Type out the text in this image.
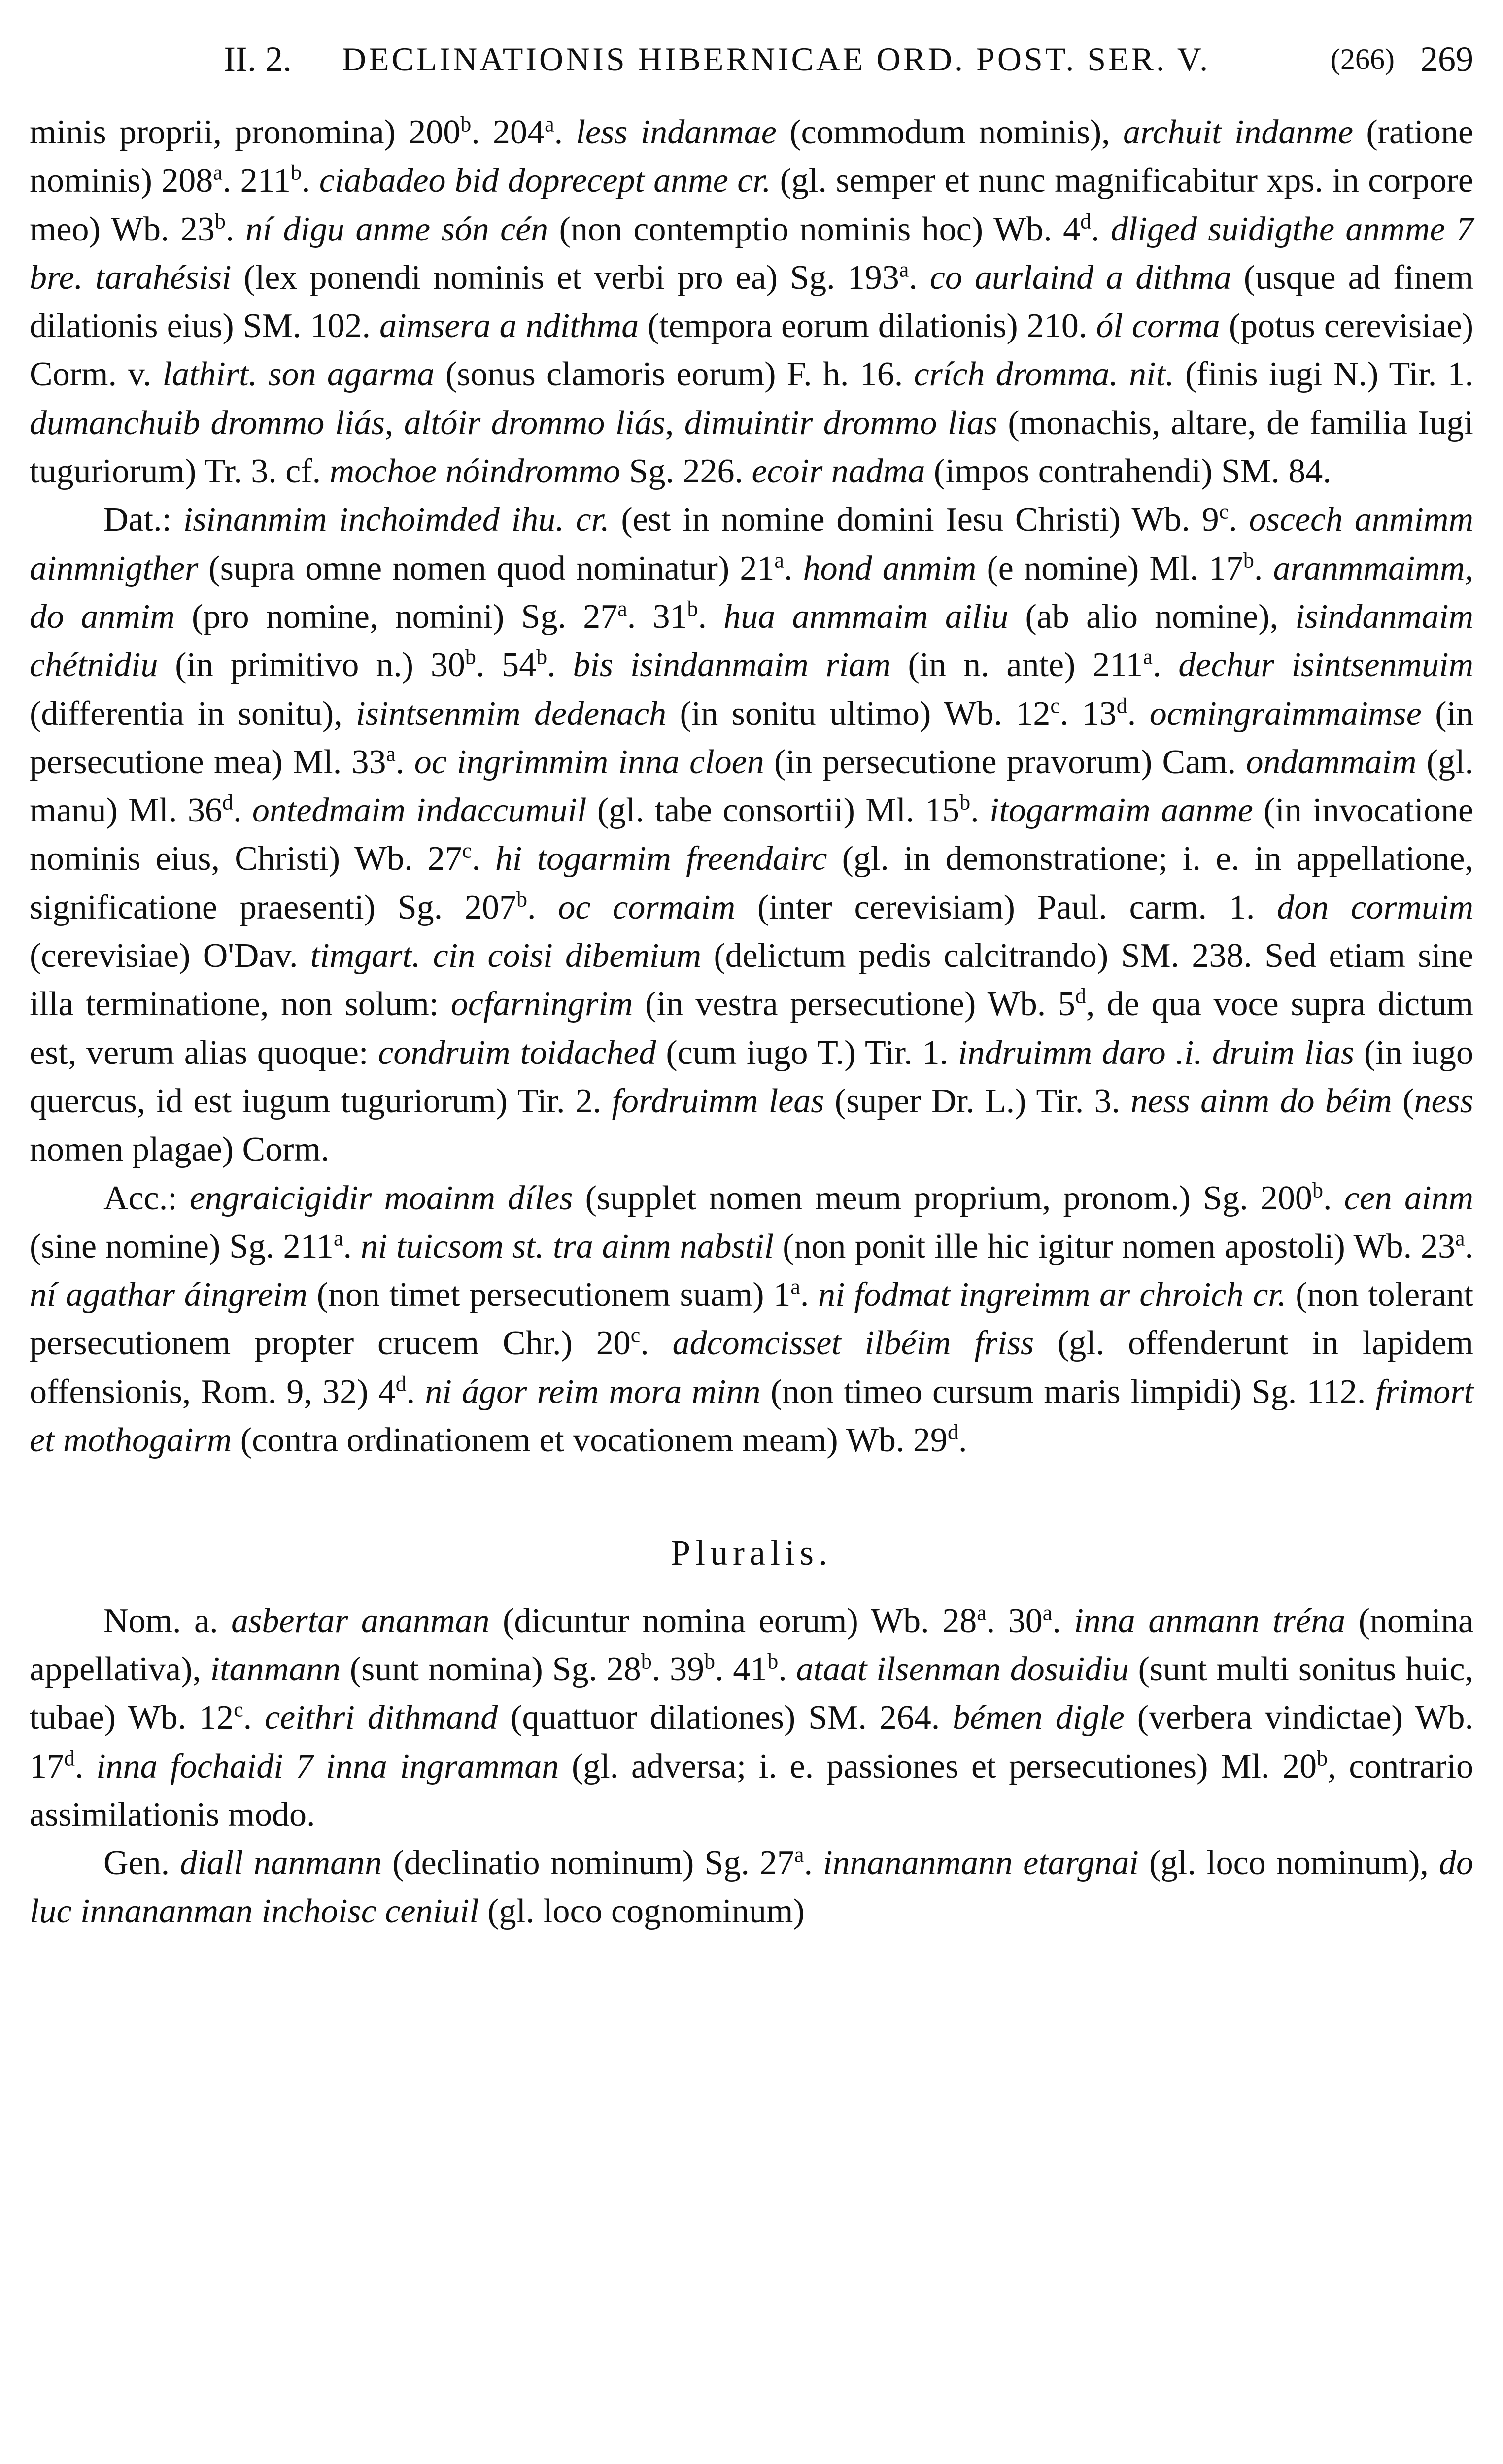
II. 2. DECLINATIONIS HIBERNICAE ORD. POST. SER. V.	(266) 269

minis proprii, pronomina) 200$^b$. 204$^a$. less indanmae (commodum nominis), archuit indanme (ratione nominis) 208$^a$. 211$^b$. ciabadeo bid doprecept anme cr. (gl. semper et nunc magnificabitur xps. in corpore meo) Wb. 23$^b$. ní digu anme són cén (non contemptio nominis hoc) Wb. 4$^d$. dliged suidigthe anmme 7 bre. tarahésisi (lex ponendi nominis et verbi pro ea) Sg. 193$^a$. co aurlaind a dithma (usque ad finem dilationis eius) SM. 102. aimsera a ndithma (tempora eorum dilationis) 210. ól corma (potus cerevisiae) Corm. v. lathirt. son agarma (sonus clamoris eorum) F. h. 16. crích dromma. nit. (finis iugi N.) Tir. 1. dumanchuib drommo liás, altóir drommo liás, dimuintir drommo lias (monachis, altare, de familia Iugi tuguriorum) Tr. 3. cf. mochoe nóindrommo Sg. 226. ecoir nadma (impos contrahendi) SM. 84.

Dat.: isinanmim inchoimded ihu. cr. (est in nomine domini Iesu Christi) Wb. 9$^c$. oscech anmimm ainmnigther (supra omne nomen quod nominatur) 21$^a$. hond anmim (e nomine) Ml. 17$^b$. aranmmaimm, do anmim (pro nomine, nomini) Sg. 27$^a$. 31$^b$. hua anmmaim ailiu (ab alio nomine), isindanmaim chétnidiu (in primitivo n.) 30$^b$. 54$^b$. bis isindanmaim riam (in n. ante) 211$^a$. dechur isintsenmuim (differentia in sonitu), isintsenmim dedenach (in sonitu ultimo) Wb. 12$^c$. 13$^d$. ocmingraimmaimse (in persecutione mea) Ml. 33$^a$. oc ingrimmim inna cloen (in persecutione pravorum) Cam. ondammaim (gl. manu) Ml. 36$^d$. ontedmaim indaccumuil (gl. tabe consortii) Ml. 15$^b$. itogarmaim aanme (in invocatione nominis eius, Christi) Wb. 27$^c$. hi togarmim freendairc (gl. in demonstratione; i. e. in appellatione, significatione praesenti) Sg. 207$^b$. oc cormaim (inter cerevisiam) Paul. carm. 1. don cormuim (cerevisiae) O'Dav. timgart. cin coisi dibemium (delictum pedis calcitrando) SM. 238. Sed etiam sine illa terminatione, non solum: ocfarningrim (in vestra persecutione) Wb. 5$^d$, de qua voce supra dictum est, verum alias quoque: condruim toidached (cum iugo T.) Tir. 1. indruimm daro .i. druim lias (in iugo quercus, id est iugum tuguriorum) Tir. 2. fordruimm leas (super Dr. L.) Tir. 3. ness ainm do béim (ness nomen plagae) Corm.

Acc.: engraicigidir moainm díles (supplet nomen meum proprium, pronom.) Sg. 200$^b$. cen ainm (sine nomine) Sg. 211$^a$. ni tuicsom st. tra ainm nabstil (non ponit ille hic igitur nomen apostoli) Wb. 23$^a$. ní agathar áingreim (non timet persecutionem suam) 1$^a$. ni fodmat ingreimm ar chroich cr. (non tolerant persecutionem propter crucem Chr.) 20$^c$. adcomcisset ilbéim friss (gl. offenderunt in lapidem offensionis, Rom. 9, 32) 4$^d$. ni ágor reim mora minn (non timeo cursum maris limpidi) Sg. 112. frimort et mothogairm (contra ordinationem et vocationem meam) Wb. 29$^d$.

Pluralis.

Nom. a. asbertar ananman (dicuntur nomina eorum) Wb. 28$^a$. 30$^a$. inna anmann tréna (nomina appellativa), itanmann (sunt nomina) Sg. 28$^b$. 39$^b$. 41$^b$. ataat ilsenman dosuidiu (sunt multi sonitus huic, tubae) Wb. 12$^c$. ceithri dithmand (quattuor dilationes) SM. 264. bémen digle (verbera vindictae) Wb. 17$^d$. inna fochaidi 7 inna ingramman (gl. adversa; i. e. passiones et persecutiones) Ml. 20$^b$, contrario assimilationis modo.

Gen. diall nanmann (declinatio nominum) Sg. 27$^a$. innananmann etargnai (gl. loco nominum), do luc innananman inchoisc ceniuil (gl. loco cognominum)
